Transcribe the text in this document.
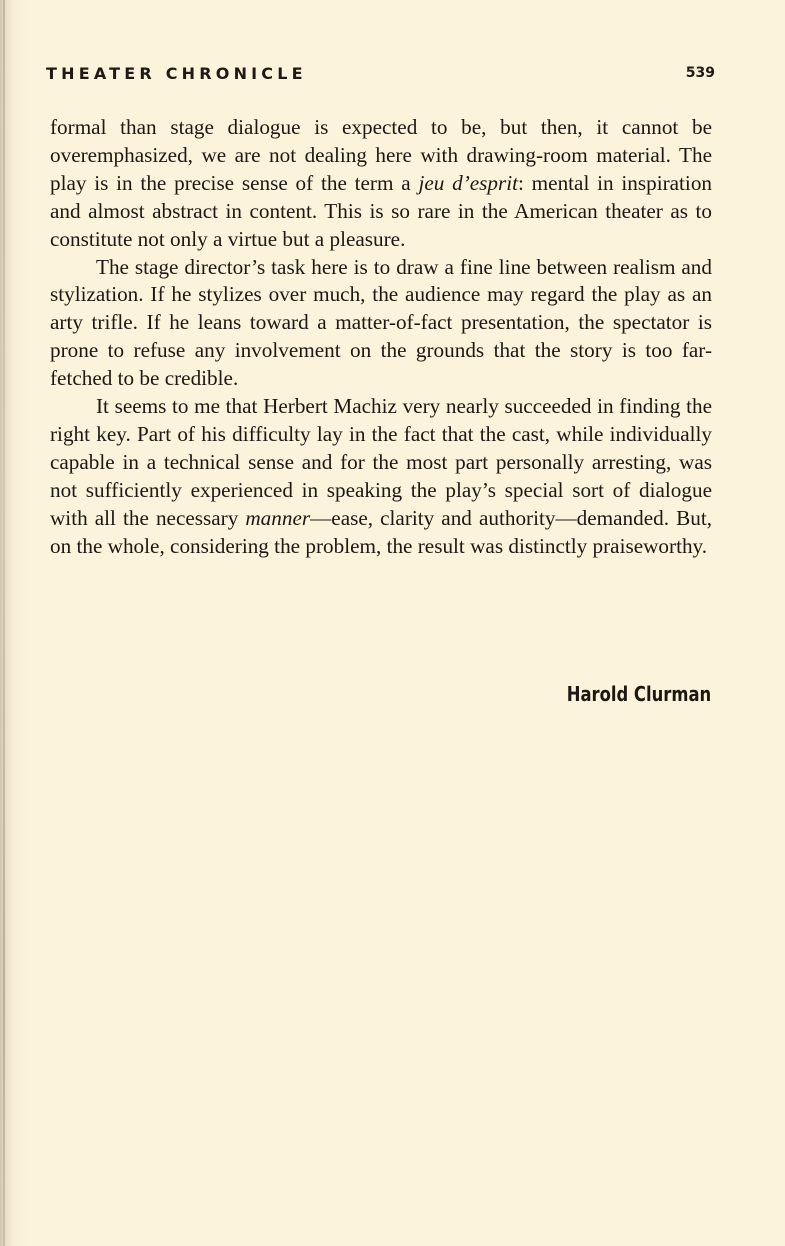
THEATER CHRONICLE	539

formal than stage dialogue is expected to be, but then, it cannot be overemphasized, we are not dealing here with drawing-room material. The play is in the precise sense of the term a jeu d’esprit: mental in inspiration and almost abstract in content. This is so rare in the American theater as to constitute not only a virtue but a pleasure.

The stage director’s task here is to draw a fine line between realism and stylization. If he stylizes over much, the audience may regard the play as an arty trifle. If he leans toward a matter-of-fact presentation, the spectator is prone to refuse any involvement on the grounds that the story is too far-fetched to be credible.

It seems to me that Herbert Machiz very nearly succeeded in finding the right key. Part of his difficulty lay in the fact that the cast, while individually capable in a technical sense and for the most part personally arresting, was not sufficiently experienced in speaking the play’s special sort of dialogue with all the necessary manner—ease, clarity and authority—demanded. But, on the whole, considering the problem, the result was distinctly praiseworthy.

Harold Clurman
